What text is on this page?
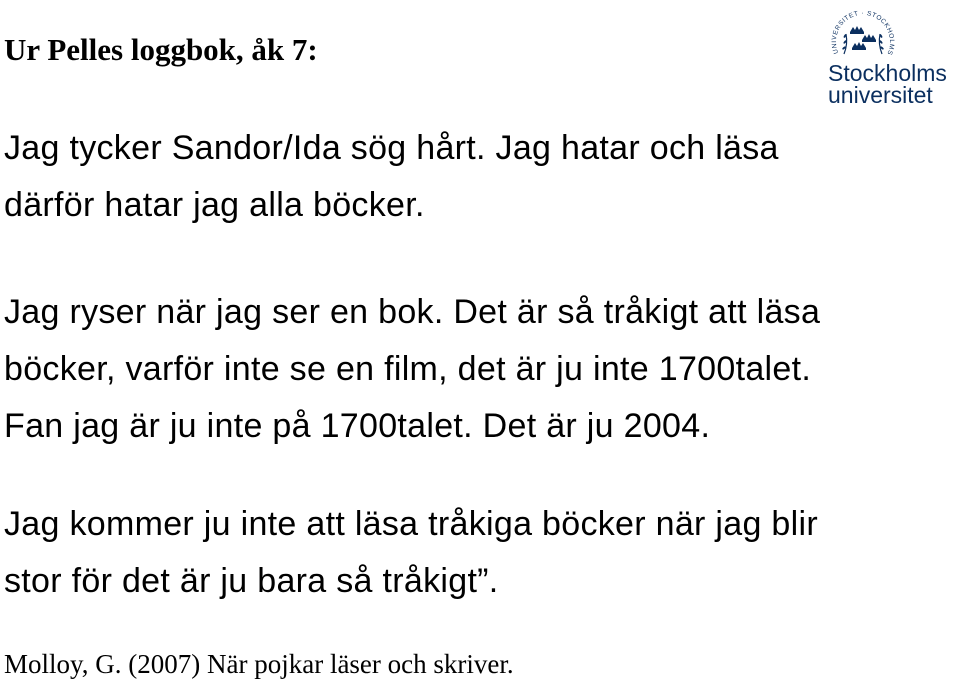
Ur Pelles loggbok, åk 7:
Jag tycker Sandor/Ida sög hårt. Jag hatar och läsa
därför hatar jag alla böcker.
Jag ryser när jag ser en bok. Det är så tråkigt att läsa
böcker, varför inte se en film, det är ju inte 1700talet.
Fan jag är ju inte på 1700talet. Det är ju 2004.
Jag kommer ju inte att läsa tråkiga böcker när jag blir
stor för det är ju bara så tråkigt”.
Molloy, G. (2007) När pojkar läser och skriver.
UNIVERSITET · STOCKHOLMS
Stockholms
universitet
